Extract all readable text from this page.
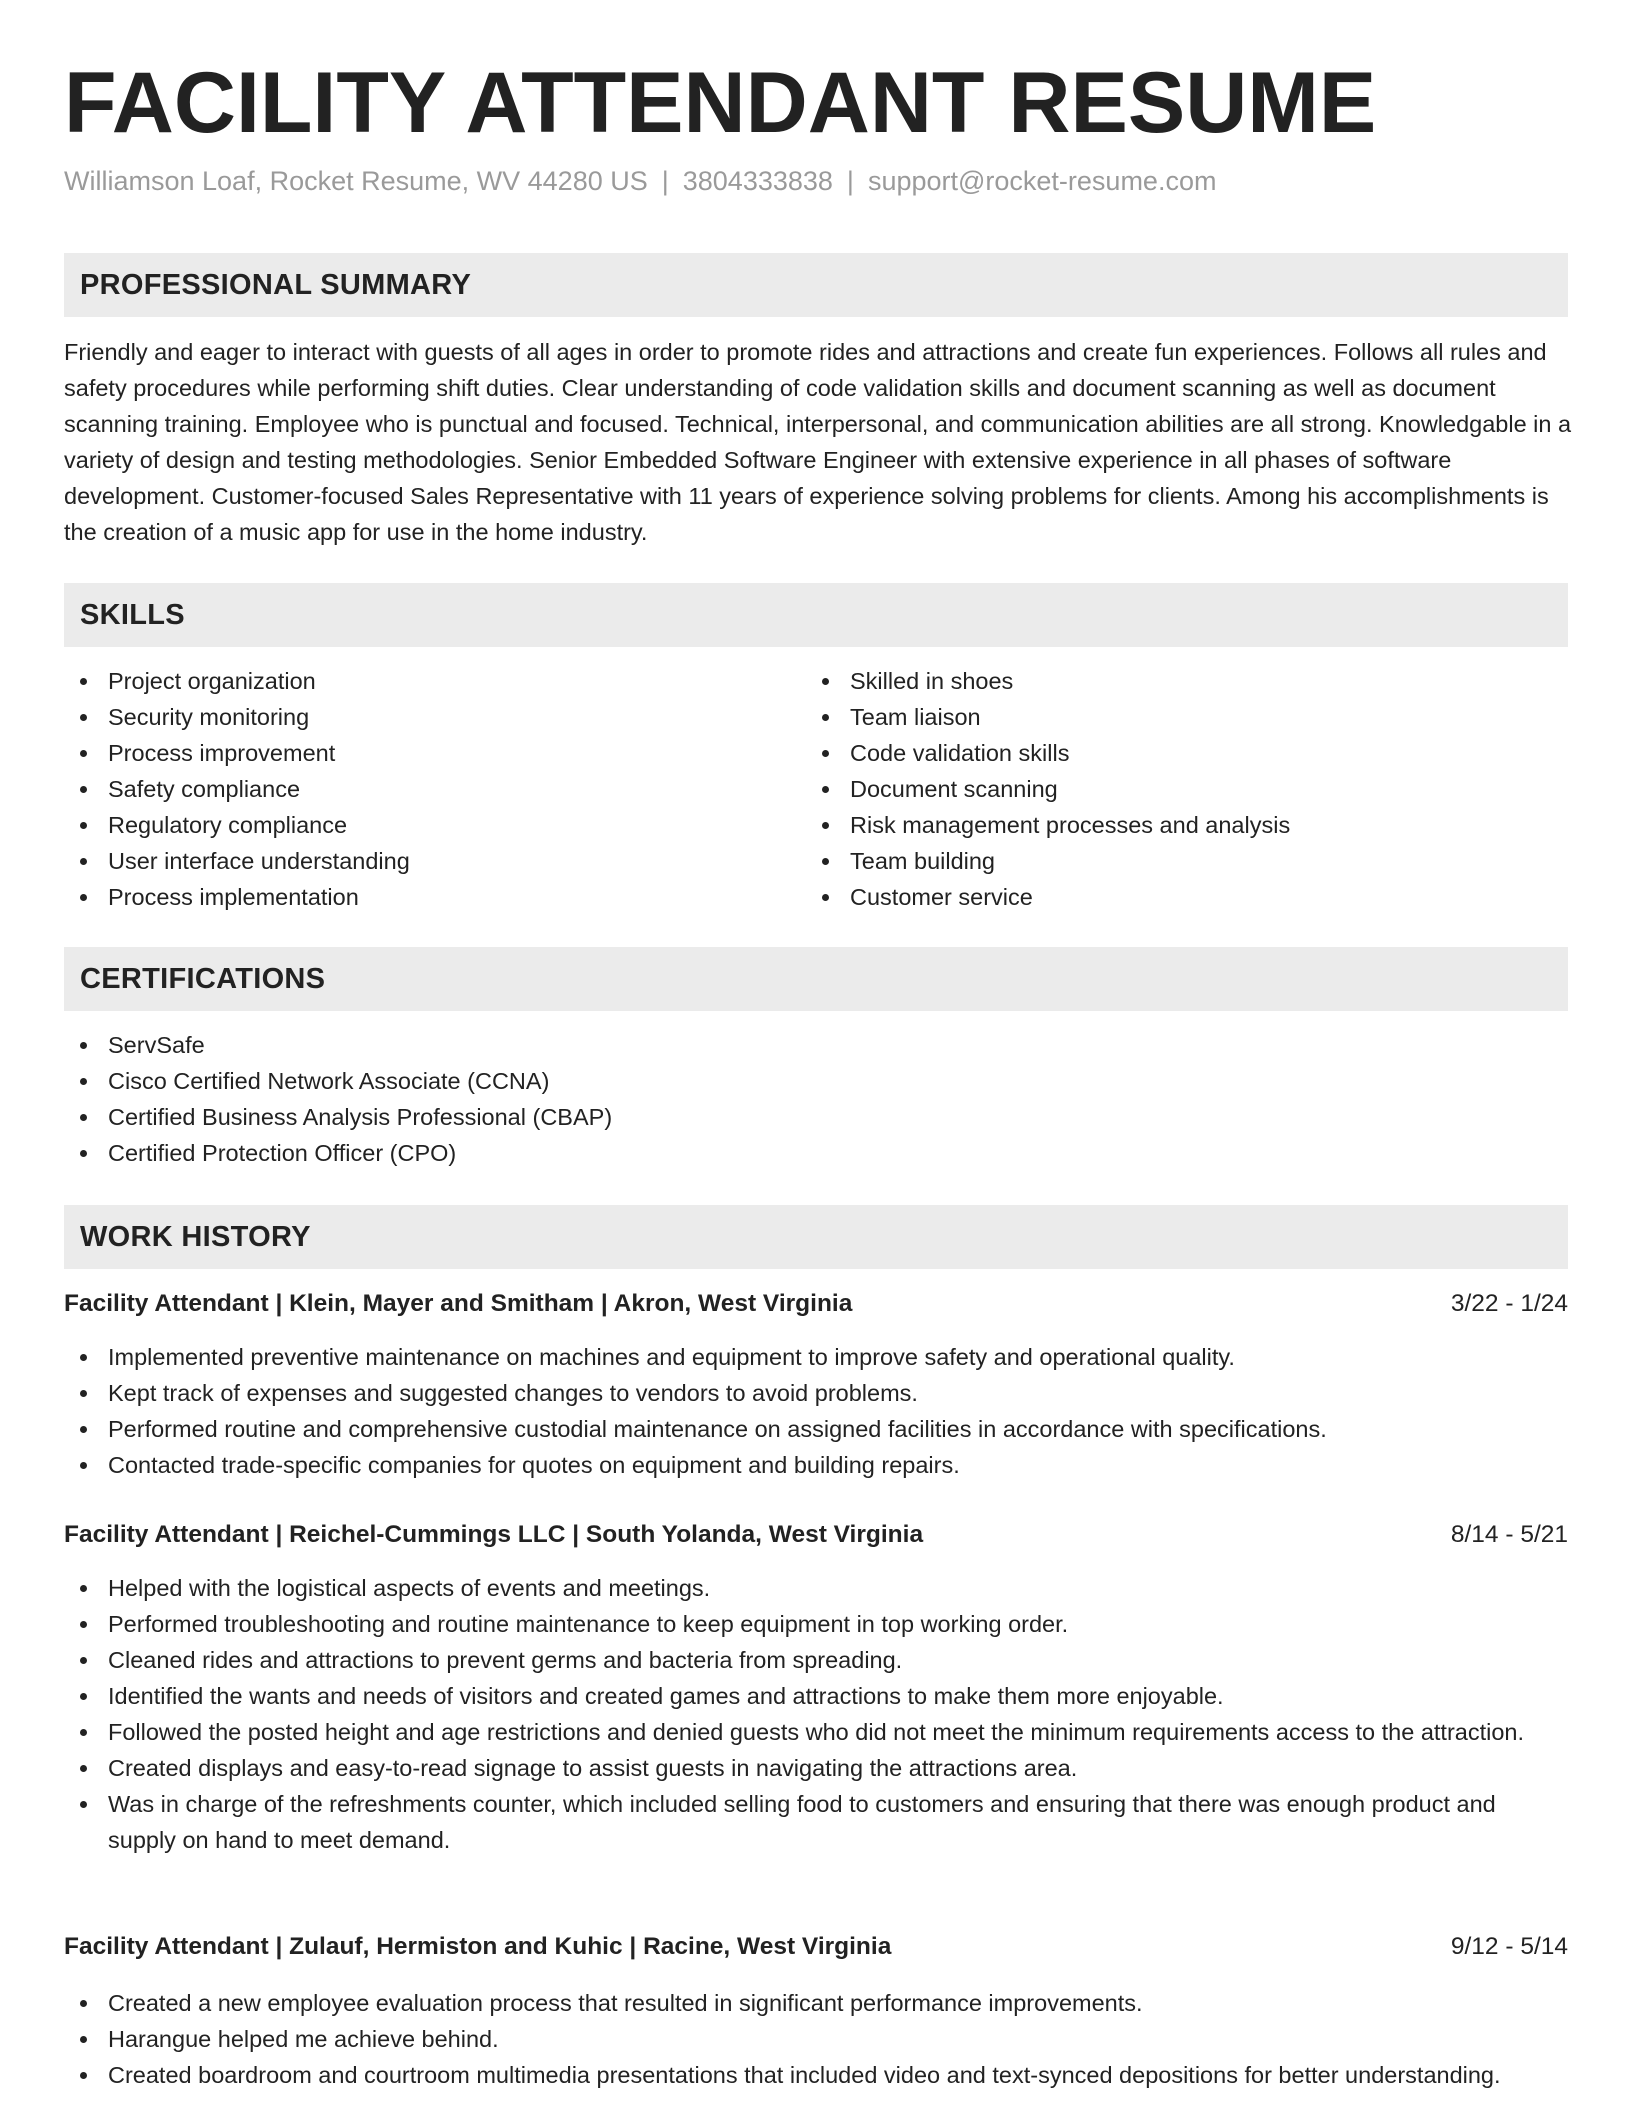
FACILITY ATTENDANT RESUME
Williamson Loaf, Rocket Resume, WV 44280 US | 3804333838 | support@rocket-resume.com
PROFESSIONAL SUMMARY

Friendly and eager to interact with guests of all ages in order to promote rides and attractions and create fun experiences. Follows all rules and safety procedures while performing shift duties. Clear understanding of code validation skills and document scanning as well as document scanning training. Employee who is punctual and focused. Technical, interpersonal, and communication abilities are all strong. Knowledgable in a variety of design and testing methodologies. Senior Embedded Software Engineer with extensive experience in all phases of software development. Customer-focused Sales Representative with 11 years of experience solving problems for clients. Among his accomplishments is the creation of a music app for use in the home industry.

SKILLS
Project organization
Security monitoring
Process improvement
Safety compliance
Regulatory compliance
User interface understanding
Process implementation
Skilled in shoes
Team liaison
Code validation skills
Document scanning
Risk management processes and analysis
Team building
Customer service
CERTIFICATIONS
ServSafe
Cisco Certified Network Associate (CCNA)
Certified Business Analysis Professional (CBAP)
Certified Protection Officer (CPO)
WORK HISTORY
Facility Attendant | Klein, Mayer and Smitham | Akron, West Virginia	3/22 - 1/24
Implemented preventive maintenance on machines and equipment to improve safety and operational quality.
Kept track of expenses and suggested changes to vendors to avoid problems.
Performed routine and comprehensive custodial maintenance on assigned facilities in accordance with specifications.
Contacted trade-specific companies for quotes on equipment and building repairs.
Facility Attendant | Reichel-Cummings LLC | South Yolanda, West Virginia	8/14 - 5/21
Helped with the logistical aspects of events and meetings.
Performed troubleshooting and routine maintenance to keep equipment in top working order.
Cleaned rides and attractions to prevent germs and bacteria from spreading.
Identified the wants and needs of visitors and created games and attractions to make them more enjoyable.
Followed the posted height and age restrictions and denied guests who did not meet the minimum requirements access to the attraction.
Created displays and easy-to-read signage to assist guests in navigating the attractions area.
Was in charge of the refreshments counter, which included selling food to customers and ensuring that there was enough product and supply on hand to meet demand.
Facility Attendant | Zulauf, Hermiston and Kuhic | Racine, West Virginia	9/12 - 5/14
Created a new employee evaluation process that resulted in significant performance improvements.
Harangue helped me achieve behind.
Created boardroom and courtroom multimedia presentations that included video and text-synced depositions for better understanding.
